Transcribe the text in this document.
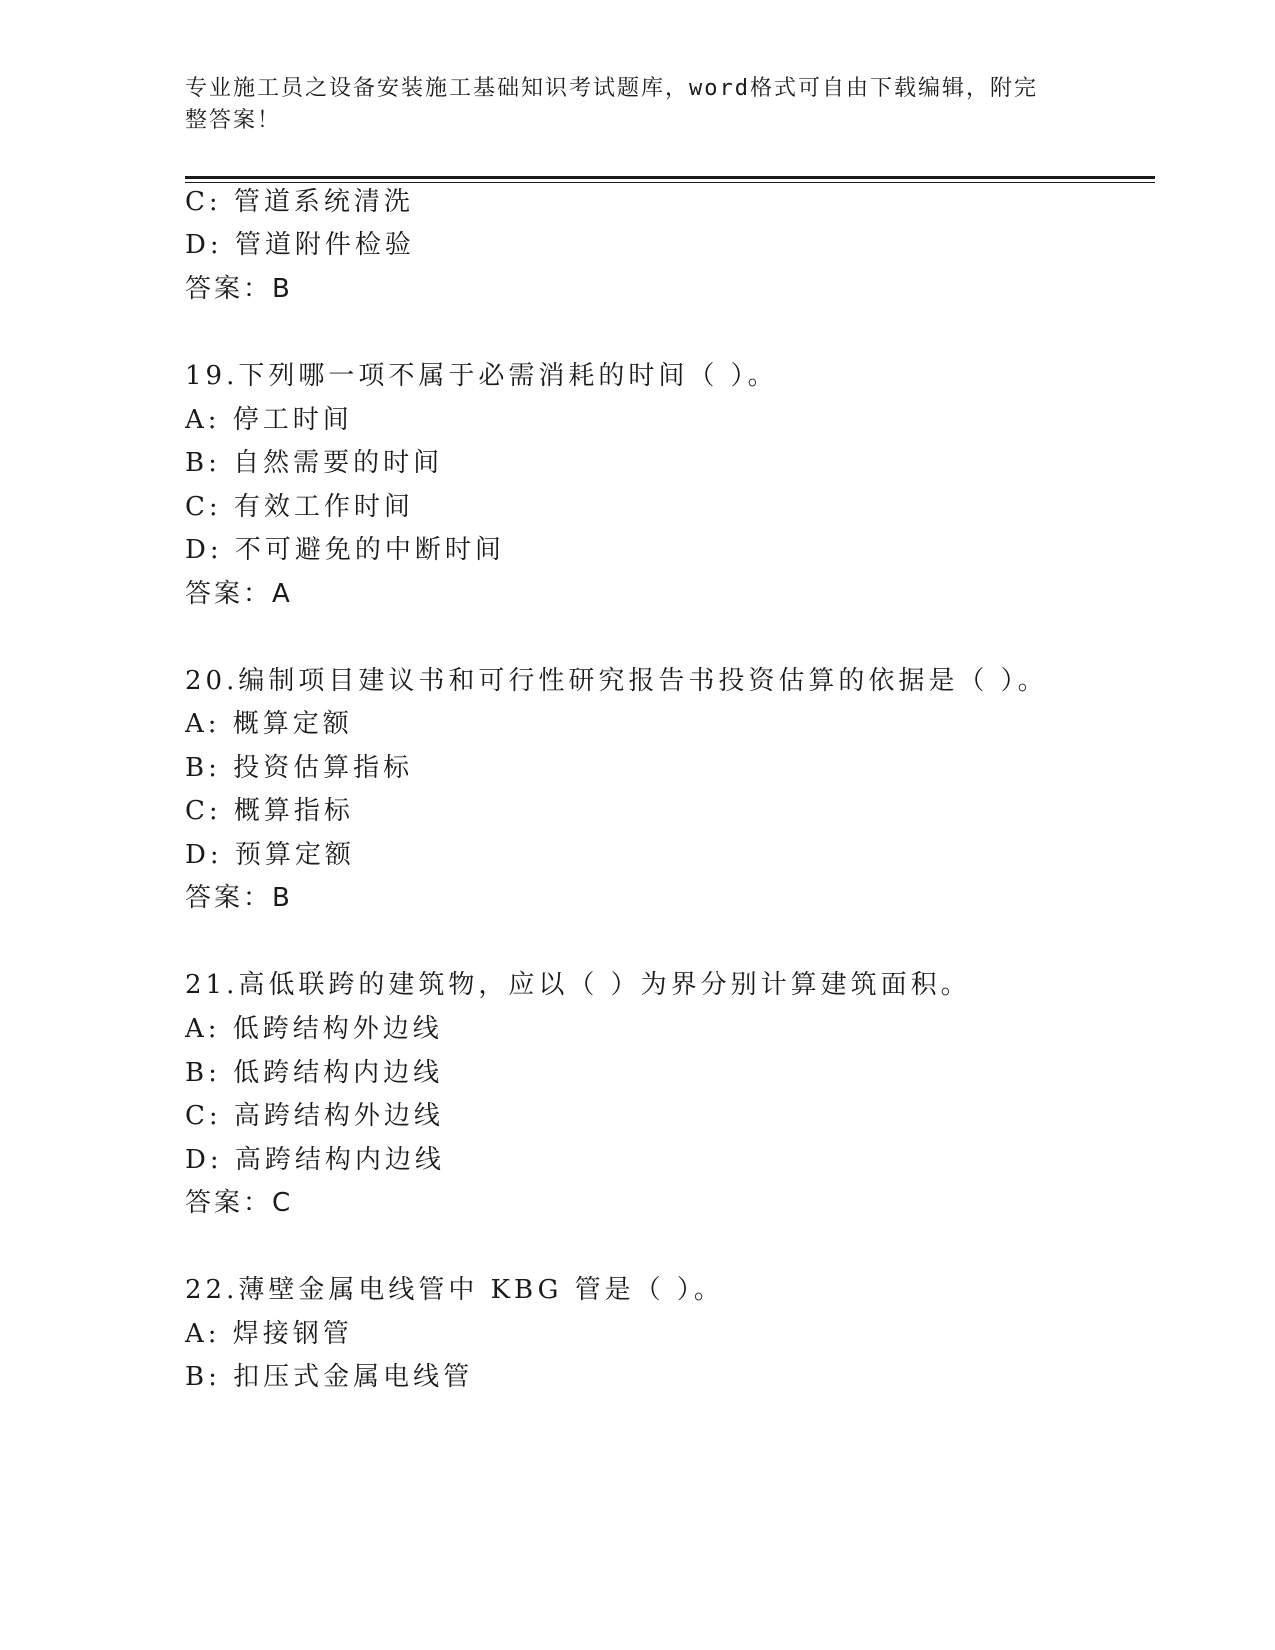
专业施工员之设备安装施工基础知识考试题库，word格式可自由下载编辑，附完
整答案！
C: 管道系统清洗
D: 管道附件检验
答案：B
19.下列哪一项不属于必需消耗的时间（ ）。
A: 停工时间
B: 自然需要的时间
C: 有效工作时间
D: 不可避免的中断时间
答案：A
20.编制项目建议书和可行性研究报告书投资估算的依据是（ ）。
A: 概算定额
B: 投资估算指标
C: 概算指标
D: 预算定额
答案：B
21.高低联跨的建筑物，应以（ ）为界分别计算建筑面积。
A: 低跨结构外边线
B: 低跨结构内边线
C: 高跨结构外边线
D: 高跨结构内边线
答案：C
22.薄壁金属电线管中 KBG 管是（ ）。
A: 焊接钢管
B: 扣压式金属电线管
